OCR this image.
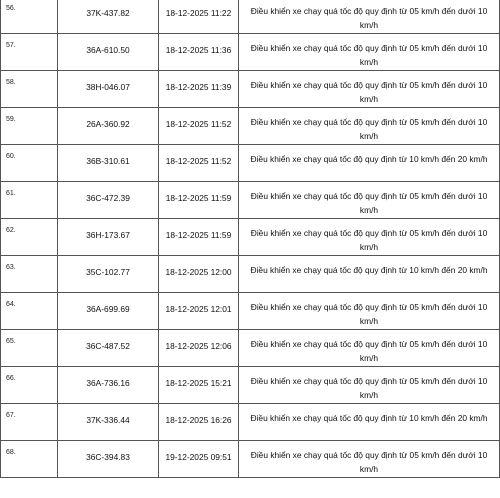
56.	37K-437.82	18-12-2025 11:22	Điều khiển xe chạy quá tốc độ quy định từ 05 km/h đến dưới 10 km/h
57.	36A-610.50	18-12-2025 11:36	Điều khiển xe chạy quá tốc độ quy định từ 05 km/h đến dưới 10 km/h
58.	38H-046.07	18-12-2025 11:39	Điều khiển xe chạy quá tốc độ quy định từ 05 km/h đến dưới 10 km/h
59.	26A-360.92	18-12-2025 11:52	Điều khiển xe chạy quá tốc độ quy định từ 05 km/h đến dưới 10 km/h
60.	36B-310.61	18-12-2025 11:52	Điều khiển xe chạy quá tốc độ quy định từ 10 km/h đến 20 km/h
61.	36C-472.39	18-12-2025 11:59	Điều khiển xe chạy quá tốc độ quy định từ 05 km/h đến dưới 10 km/h
62.	36H-173.67	18-12-2025 11:59	Điều khiển xe chạy quá tốc độ quy định từ 05 km/h đến dưới 10 km/h
63.	35C-102.77	18-12-2025 12:00	Điều khiển xe chạy quá tốc độ quy định từ 10 km/h đến 20 km/h
64.	36A-699.69	18-12-2025 12:01	Điều khiển xe chạy quá tốc độ quy định từ 05 km/h đến dưới 10 km/h
65.	36C-487.52	18-12-2025 12:06	Điều khiển xe chạy quá tốc độ quy định từ 05 km/h đến dưới 10 km/h
66.	36A-736.16	18-12-2025 15:21	Điều khiển xe chạy quá tốc độ quy định từ 05 km/h đến dưới 10 km/h
67.	37K-336.44	18-12-2025 16:26	Điều khiển xe chạy quá tốc độ quy định từ 10 km/h đến 20 km/h
68.	36C-394.83	19-12-2025 09:51	Điều khiển xe chạy quá tốc độ quy định từ 05 km/h đến dưới 10 km/h
